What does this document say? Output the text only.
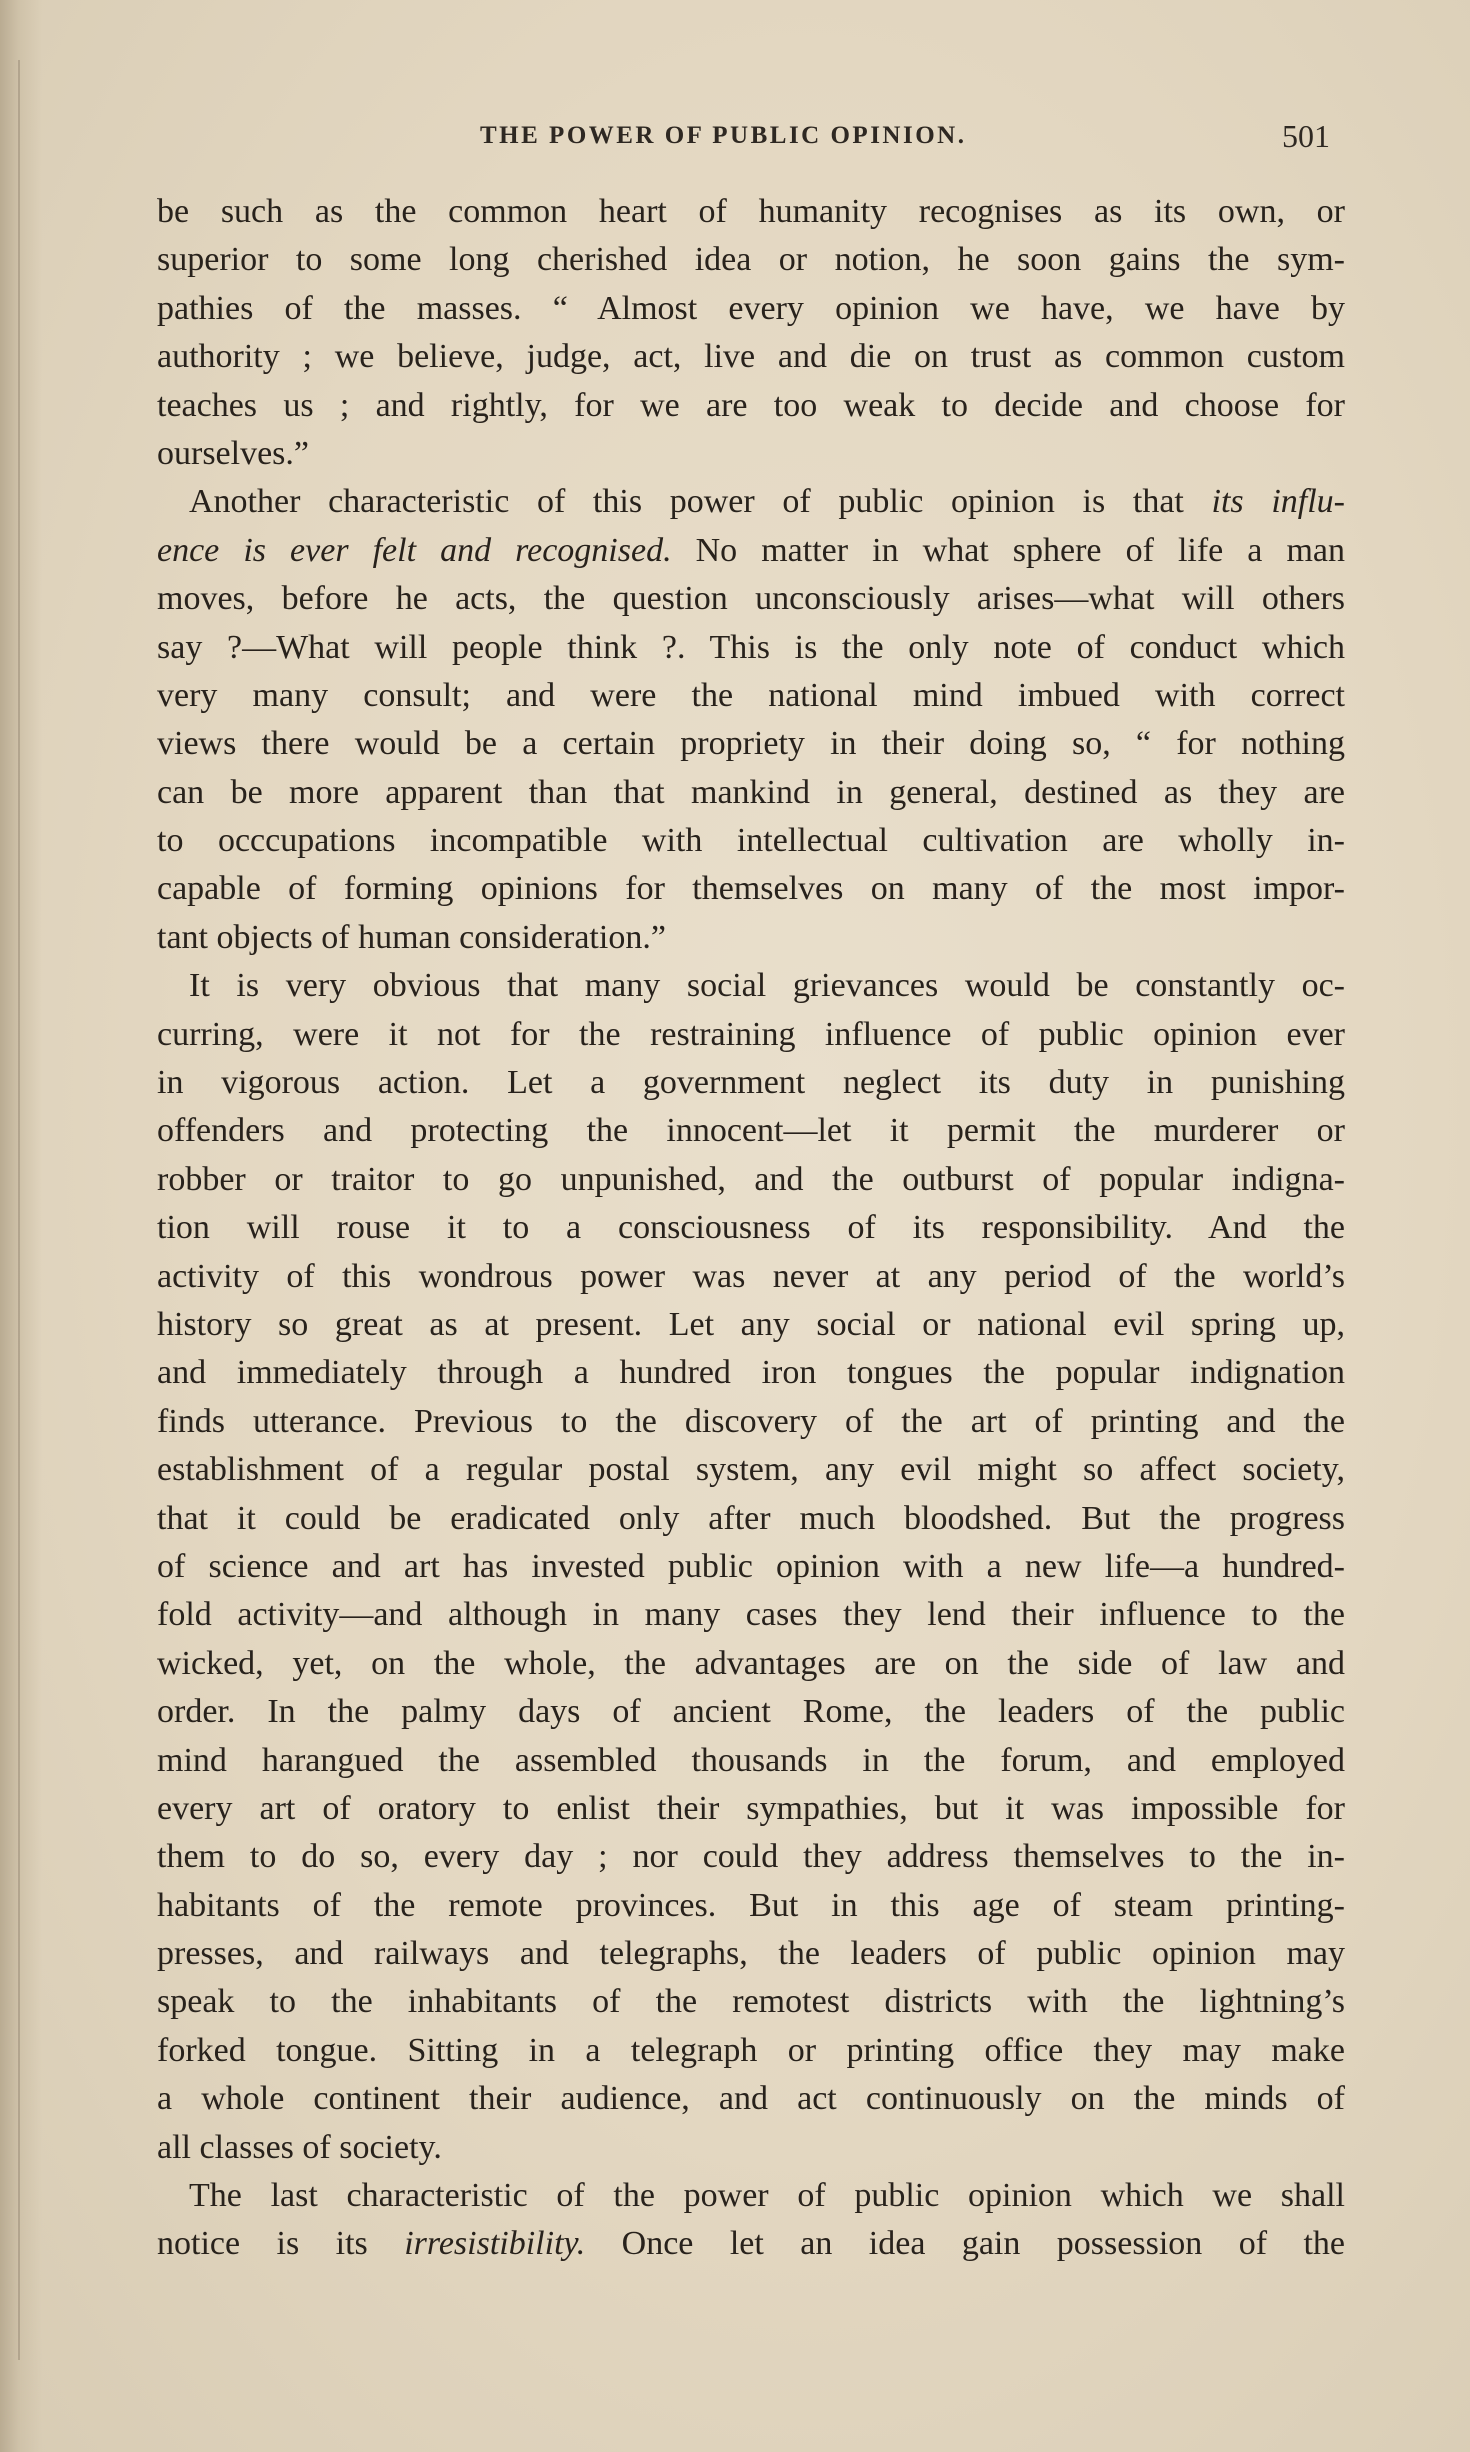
THE POWER OF PUBLIC OPINION.	501
be such as the common heart of humanity recognises as its own, or
superior to some long cherished idea or notion, he soon gains the sym-
pathies of the masses. “ Almost every opinion we have, we have by
authority ; we believe, judge, act, live and die on trust as common custom
teaches us ; and rightly, for we are too weak to decide and choose for
ourselves.”
Another characteristic of this power of public opinion is that its influ-
ence is ever felt and recognised. No matter in what sphere of life a man
moves, before he acts, the question unconsciously arises—what will others
say ?—What will people think ?. This is the only note of conduct which
very many consult; and were the national mind imbued with correct
views there would be a certain propriety in their doing so, “ for nothing
can be more apparent than that mankind in general, destined as they are
to occcupations incompatible with intellectual cultivation are wholly in-
capable of forming opinions for themselves on many of the most impor-
tant objects of human consideration.”
It is very obvious that many social grievances would be constantly oc-
curring, were it not for the restraining influence of public opinion ever
in vigorous action. Let a government neglect its duty in punishing
offenders and protecting the innocent—let it permit the murderer or
robber or traitor to go unpunished, and the outburst of popular indigna-
tion will rouse it to a consciousness of its responsibility. And the
activity of this wondrous power was never at any period of the world’s
history so great as at present. Let any social or national evil spring up,
and immediately through a hundred iron tongues the popular indignation
finds utterance. Previous to the discovery of the art of printing and the
establishment of a regular postal system, any evil might so affect society,
that it could be eradicated only after much bloodshed. But the progress
of science and art has invested public opinion with a new life—a hundred-
fold activity—and although in many cases they lend their influence to the
wicked, yet, on the whole, the advantages are on the side of law and
order. In the palmy days of ancient Rome, the leaders of the public
mind harangued the assembled thousands in the forum, and employed
every art of oratory to enlist their sympathies, but it was impossible for
them to do so, every day ; nor could they address themselves to the in-
habitants of the remote provinces. But in this age of steam printing-
presses, and railways and telegraphs, the leaders of public opinion may
speak to the inhabitants of the remotest districts with the lightning’s
forked tongue. Sitting in a telegraph or printing office they may make
a whole continent their audience, and act continuously on the minds of
all classes of society.
The last characteristic of the power of public opinion which we shall
notice is its irresistibility. Once let an idea gain possession of the
